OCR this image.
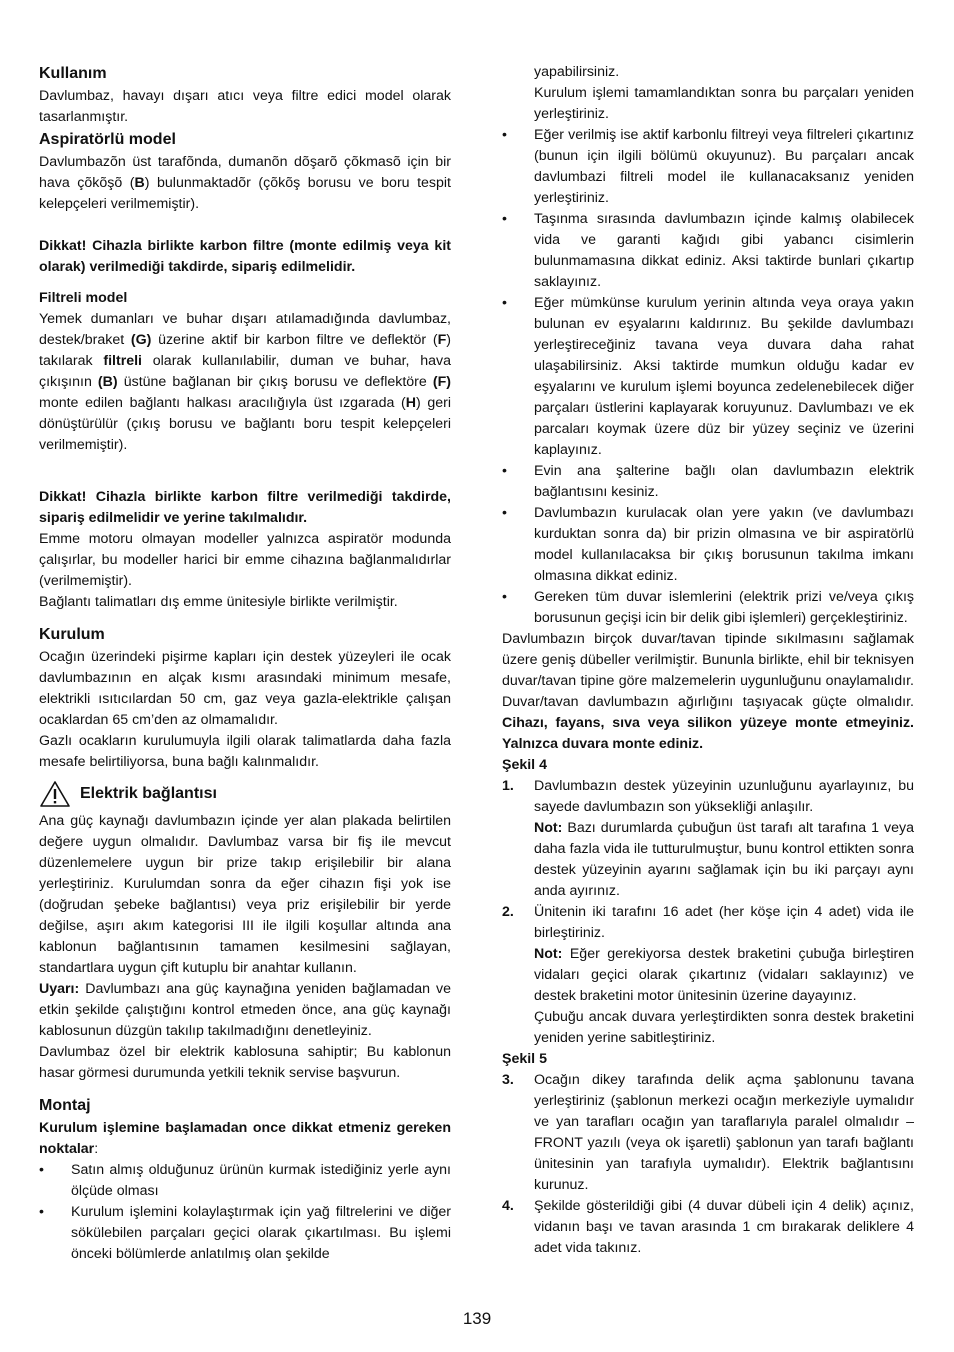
Kullanım

Davlumbaz, havayı dışarı atıcı veya filtre edici model olarak tasarlanmıştır.

Aspiratörlü model

Davlumbazõn üst tarafõnda, dumanõn dõşarõ çõkmasõ için bir hava çõkõşõ (B) bulunmaktadõr (çõkõş borusu ve boru tespit kelepçeleri verilmemiştir).

Dikkat! Cihazla birlikte karbon filtre (monte edilmiş veya kit olarak) verilmediği takdirde, sipariş edilmelidir.

Filtreli model

Yemek dumanları ve buhar dışarı atılamadığında davlumbaz, destek/braket (G) üzerine aktif bir karbon filtre ve deflektör (F) takılarak filtreli olarak kullanılabilir, duman ve buhar, hava çıkışının (B) üstüne bağlanan bir çıkış borusu ve deflektöre (F) monte edilen bağlantı halkası aracılığıyla üst ızgarada (H) geri dönüştürülür (çıkış borusu ve bağlantı boru tespit kelepçeleri verilmemiştir).

Dikkat! Cihazla birlikte karbon filtre verilmediği takdirde, sipariş edilmelidir ve yerine takılmalıdır.

Emme motoru olmayan modeller yalnızca aspiratör modunda çalışırlar, bu modeller harici bir emme cihazına bağlanmalıdırlar (verilmemiştir).

Bağlantı talimatları dış emme ünitesiyle birlikte verilmiştir.

Kurulum

Ocağın üzerindeki pişirme kapları için destek yüzeyleri ile ocak davlumbazının en alçak kısmı arasındaki minimum mesafe, elektrikli ısıtıcılardan 50 cm, gaz veya gazla-elektrikle çalışan ocaklardan 65 cm’den az olmamalıdır.

Gazlı ocakların kurulumuyla ilgili olarak talimatlarda daha fazla mesafe belirtiliyorsa, buna bağlı kalınmalıdır.

Elektrik bağlantısı

Ana güç kaynağı davlumbazın içinde yer alan plakada belirtilen değere uygun olmalıdır. Davlumbaz varsa bir fiş ile mevcut düzenlemelere uygun bir prize takıp erişilebilir bir alana yerleştiriniz. Kurulumdan sonra da eğer cihazın fişi yok ise (doğrudan şebeke bağlantısı) veya priz erişilebilir bir yerde değilse, aşırı akım kategorisi III ile ilgili koşullar altında ana kablonun bağlantısının tamamen kesilmesini sağlayan, standartlara uygun çift kutuplu bir anahtar kullanın.

Uyarı: Davlumbazı ana güç kaynağına yeniden bağlamadan ve etkin şekilde çalıştığını kontrol etmeden önce, ana güç kaynağı kablosunun düzgün takılıp takılmadığını denetleyiniz.

Davlumbaz özel bir elektrik kablosuna sahiptir; Bu kablonun hasar görmesi durumunda yetkili teknik servise başvurun.

Montaj

Kurulum işlemine başlamadan once dikkat etmeniz gereken noktalar:

•	Satın almış olduğunuz ürünün kurmak istediğiniz yerle aynı ölçüde olması
•	Kurulum işlemini kolaylaştırmak için yağ filtrelerini ve diğer sökülebilen parçaları geçici olarak çıkartılması. Bu işlemi önceki bölümlerde anlatılmış olan şekilde

yapabilirsiniz.

Kurulum işlemi tamamlandıktan sonra bu parçaları yeniden yerleştiriniz.

•	Eğer verilmiş ise aktif karbonlu filtreyi veya filtreleri çıkartınız (bunun için ilgili bölümü okuyunuz). Bu parçaları ancak davlumbazi filtreli model ile kullanacaksanız yeniden yerleştiriniz.
•	Taşınma sırasında davlumbazın içinde kalmış olabilecek vida ve garanti kağıdı gibi yabancı cisimlerin bulunmamasına dikkat ediniz. Aksi taktirde bunlari çıkartıp saklayınız.
•	Eğer mümkünse kurulum yerinin altında veya oraya yakın bulunan ev eşyalarını kaldırınız. Bu şekilde davlumbazı yerleştireceğiniz tavana veya duvara daha rahat ulaşabilirsiniz. Aksi taktirde mumkun olduğu kadar ev eşyalarını ve kurulum işlemi boyunca zedelenebilecek diğer parçaları üstlerini kaplayarak koruyunuz. Davlumbazı ve ek parcaları koymak üzere düz bir yüzey seçiniz ve üzerini kaplayınız.
•	Evin ana şalterine bağlı olan davlumbazın elektrik bağlantısını kesiniz.
•	Davlumbazın kurulacak olan yere yakın (ve davlumbazı kurduktan sonra da) bir prizin olmasına ve bir aspiratörlü model kullanılacaksa bir çıkış borusunun takılma imkanı olmasına dikkat ediniz.
•	Gereken tüm duvar islemlerini (elektrik prizi ve/veya çıkış borusunun geçişi icin bir delik gibi işlemleri) gerçekleştiriniz.

Davlumbazın birçok duvar/tavan tipinde sıkılmasını sağlamak üzere geniş dübeller verilmiştir. Bununla birlikte, ehil bir teknisyen duvar/tavan tipine göre malzemelerin uygunluğunu onaylamalıdır. Duvar/tavan davlumbazın ağırlığını taşıyacak güçte olmalıdır. Cihazı, fayans, sıva veya silikon yüzeye monte etmeyiniz. Yalnızca duvara monte ediniz.

Şekil 4

1. Davlumbazın destek yüzeyinin uzunluğunu ayarlayınız, bu sayede davlumbazın son yüksekliği anlaşılır.

Not: Bazı durumlarda çubuğun üst tarafı alt tarafına 1 veya daha fazla vida ile tutturulmuştur, bunu kontrol ettikten sonra destek yüzeyinin ayarını sağlamak için bu iki parçayı aynı anda ayırınız.

2. Ünitenin iki tarafını 16 adet (her köşe için 4 adet) vida ile birleştiriniz.

Not: Eğer gerekiyorsa destek braketini çubuğa birleştiren vidaları geçici olarak çıkartınız (vidaları saklayınız) ve destek braketini motor ünitesinin üzerine dayayınız.

Çubuğu ancak duvara yerleştirdikten sonra destek braketini yeniden yerine sabitleştiriniz.

Şekil 5

3. Ocağın dikey tarafında delik açma şablonunu tavana yerleştiriniz (şablonun merkezi ocağın merkeziyle uymalıdır ve yan tarafları ocağın yan taraflarıyla paralel olmalıdır – FRONT yazılı (veya ok işaretli) şablonun yan tarafı bağlantı ünitesinin yan tarafıyla uymalıdır). Elektrik bağlantısını kurunuz.
4. Şekilde gösterildiği gibi (4 duvar dübeli için 4 delik) açınız, vidanın başı ve tavan arasında 1 cm bırakarak deliklere 4 adet vida takınız.
139
